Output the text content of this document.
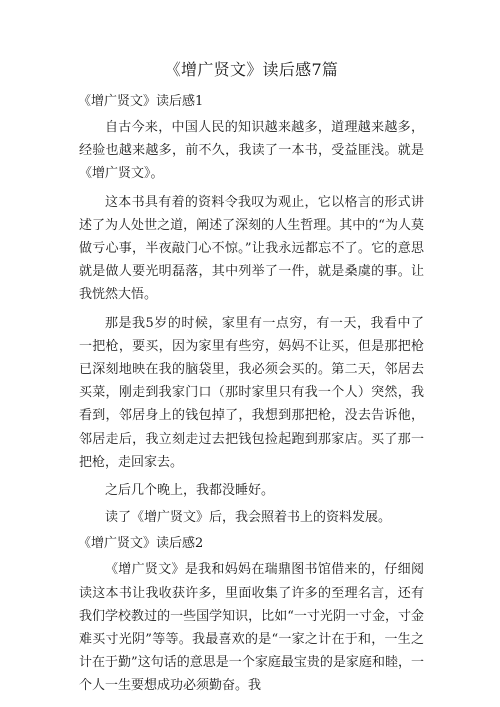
《增广贤文》读后感7篇
《增广贤文》读后感1

自古今来，中国人民的知识越来越多，道理越来越多，经验也越来越多，前不久，我读了一本书，受益匪浅。就是《增广贤文》。

这本书具有着的资料令我叹为观止，它以格言的形式讲述了为人处世之道，阐述了深刻的人生哲理。其中的“为人莫做亏心事，半夜敲门心不惊。”让我永远都忘不了。它的意思就是做人要光明磊落，其中列举了一件，就是桑虞的事。让我恍然大悟。

那是我5岁的时候，家里有一点穷，有一天，我看中了一把枪，要买，因为家里有些穷，妈妈不让买，但是那把枪已深刻地映在我的脑袋里，我必须会买的。第二天，邻居去买菜，刚走到我家门口（那时家里只有我一个人）突然，我看到，邻居身上的钱包掉了，我想到那把枪，没去告诉他，邻居走后，我立刻走过去把钱包捡起跑到那家店。买了那一把枪，走回家去。

之后几个晚上，我都没睡好。

读了《增广贤文》后，我会照着书上的资料发展。

《增广贤文》读后感2

《增广贤文》是我和妈妈在瑞鼎图书馆借来的，仔细阅读这本书让我收获许多，里面收集了许多的至理名言，还有我们学校教过的一些国学知识，比如“一寸光阴一寸金，寸金难买寸光阴”等等。我最喜欢的是“一家之计在于和，一生之计在于勤”这句话的意思是一个家庭最宝贵的是家庭和睦，一个人一生要想成功必须勤奋。我
